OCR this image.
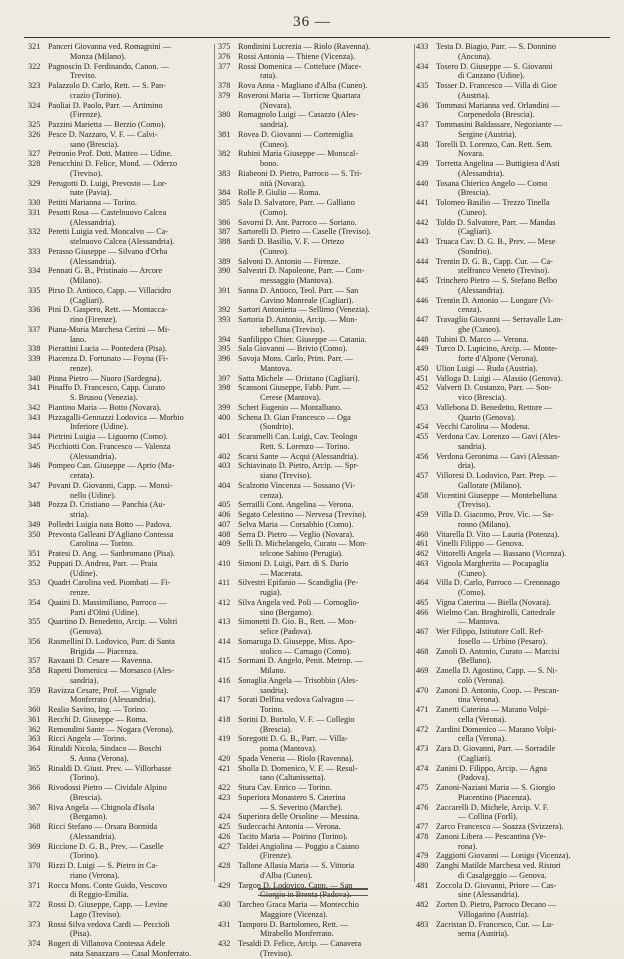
36 —
321 Panceri Giovanna ved. Romagnini —
Monza (Milano).
322 Pagnoscin D. Ferdinando, Canon. —
Treviso.
323 Palazzolo D. Carlo, Rett. — S. Pan-
crazio (Torino).
324 Paoliai D. Paolo, Parr. — Artimino
(Firenze).
325 Pazzini Marietta — Berzio (Como).
326 Pesce D. Nazzaro, V. F. — Calvi-
sano (Brescia).
327 Petronio Prof. Dott. Matteo — Udine.
328 Perucchini D. Felice, Mond. — Oderzo
(Treviso).
329 Perugotti D. Luigi, Prevosto — Lor-
nate (Pavia).
330 Petitti Marianna — Torino.
331 Pesotti Rosa — Castelnuovo Calcea
(Alessandria).
332 Peretti Luigia ved. Moncalvo — Ca-
stelnuovo Calcea (Alessandria).
333 Perasso Giuseppe — Silvano d'Orba
(Alessandria).
334 Pennati G. B., Pristinaio — Arcore
(Milano).
335 Pirso D. Antioco, Capp. — Villacidro
(Cagliari).
336 Pini D. Gaspero, Rett. — Montacca-
rino (Firenze).
337 Piana-Moria Marchesa Cerini — Mi-
lano.
338 Pierattini Lucia — Pontedera (Pisa).
339 Piacenza D. Fortunato — Foyna (Fi-
renze).
340 Pinna Pietro — Nuoro (Sardegna).
341 Pinaffo D. Francesco, Capp. Curato
S. Brusou (Venezia).
342 Piantino Maria — Botto (Novara).
343 Pizzagalli-Gennazzi Lodovica — Morbio
Inferiore (Udine).
344 Pietrini Luigia — Liguorno (Como).
345 Picchiotti Con. Francesco — Valenza
(Alessandria).
346 Pompeo Can. Giuseppe — Aprio (Ma-
cerata).
347 Povani D. Giovanni, Capp. — Monsi-
nello (Udine).
348 Pozza D. Cristiano — Panchia (Au-
stria).
349 Polledri Luigia nata Botto — Padova.
350 Prevosta Galleani D'Agliano Contessa
Carolina — Torino.
351 Pratesi D. Ang. — Sanbromano (Pisa).
352 Puppati D. Andrea, Parr. — Praia
(Udine).
353 Quadri Carolina ved. Piombati — Fi-
renze.
354 Quaini D. Massimiliano, Parroco —
Parti d'Olmi (Udine).
355 Quartino D. Benedetto, Arcip. — Voltri
(Genova).
356 Rasmellini D. Lodovico, Parr. di Santa
Brigida — Piacenza.
357 Ravaani D. Cesare — Ravenna.
358 Rapetti Domenica — Morsasco (Ales-
sandria).
359 Ravizza Cesare, Prof. — Vignale
Monferrato (Alessandria).
360 Realio Savino, Ing. — Torino.
361 Recchi D. Giuseppe — Roma.
362 Remondini Sante — Nogara (Verona).
363 Ricci Angela — Torino.
364 Rinaldi Nicola, Sindaco — Boschi
S. Anna (Verona).
365 Rinaldi D. Giust. Prev. — Villorbasse
(Torino).
366 Rivodossi Pietro — Cividale Alpino
(Brescia).
367 Riva Angela — Chignola d'Isola
(Bergamo).
368 Ricci Stefano — Orsara Bormida
(Alessandria).
369 Riccione D. G. B., Prev. — Caselle
(Torino).
370 Rizzi D. Luigi — S. Pietro in Ca-
riano (Verona).
371 Rocca Mons. Conte Guido, Vescovo
di Reggio-Emilia.
372 Rossi D. Giuseppe, Capp. — Levine
Lago (Treviso).
373 Rossi Silva vedova Cardi — Peccioli
(Pisa).
374 Rogeri di Villanova Contessa Adele
nata Sanazzaro — Casal Monferrato.
375 Rondinini Lucrezia — Riolo (Ravenna).
376 Rossi Antonia — Thiene (Vicenza).
377 Rossi Domenica — Cotteluce (Mace-
rata).
378 Rova Anna - Magliano d'Alba (Cuneo).
379 Roveroni Maria — Torricne Quartara
(Novara).
380 Romagnolo Luigi — Casazzo (Ales-
sandria).
381 Rovea D. Giovanni — Cortemiglia
(Cuneo).
382 Rubini Maria Giuseppe — Monscal-
bono.
383 Riabeoni D. Pietro, Parroco — S. Tri-
nità (Novara).
384 Rolle P. Giulio — Roma.
385 Sala D. Salvatore, Parr. — Galliano
(Como).
386 Savorni D. Ant. Parroco — Soriano.
387 Sartorelli D. Pietro — Caselle (Treviso).
388 Sardi D. Basilio, V. F. — Ortezo
(Cuneo).
389 Salvoni D. Antonio — Firenze.
390 Salvestri D. Napoleone, Parr. — Com-
messaggio (Mantova).
391 Sanna D. Antioco, Teol. Parr. — San
Gavino Monreale (Cagliari).
392 Sartori Antonietta — Sellimo (Venezia).
393 Sartoria D. Antonio, Arcip. — Mon-
tebelluna (Treviso).
394 Sanfilippo Chier. Giuseppe — Catania.
395 Sala Giovanni — Brivio (Como).
396 Savoja Mons. Carlo, Prim. Parr. —
Mantova.
397 Satta Michele — Oristano (Cagliari).
398 Scansoni Giuseppe, Fabb. Parr. —
Cerese (Mantova).
399 Scheri Eugenio — Montalbano.
400 Schena D. Gian Francesco — Oga
(Sondrio).
401 Scaramelli Can. Luigi, Cav. Teologo
Rett. S. Lorenzo — Torino.
402 Scarsi Sante — Acqui (Alessandria).
403 Schiavinato D. Pietro, Arcip. — Spr-
siano (Treviso).
404 Scalzotto Vincenza — Sossano (Vi-
cenza).
405 Serrailli Cont. Angelina — Verona.
406 Segato Celestino — Nervesa (Treviso).
407 Selva Maria — Corsabbio (Como).
408 Serra D. Pietro — Veglio (Novara).
409 Selli D. Michelangelo, Curato — Mon-
telcone Sabino (Perugia).
410 Simoni D. Luigi, Parr. di S. Dario
— Macerata.
411 Silvestri Epifanio — Scandiglia (Pe-
rugia).
412 Silva Angela ved. Poli — Cornoglio-
sino (Bergamo).
413 Simonetti D. Gio. B., Rett. — Mon-
selice (Padova).
414 Somaruga D. Giuseppe, Miss. Apo-
stolico — Carnago (Como).
415 Sormani D. Angelo, Penit. Metrop. —
Milano.
416 Sonaglia Angela — Trisobbio (Ales-
sandria).
417 Sorati Delfina vedova Galvagno —
Torino.
418 Sorini D. Bortolo, V. F. — Collegio
(Brescia).
419 Soregotti D. G. B., Parr. — Villa-
poma (Mantova).
420 Spada Veneria — Riolo (Ravenna).
421 Sbolla D. Domenico, V. F. — Resul-
tano (Caltanissetta).
422 Stura Cav. Enrico — Torino.
423 Superiora Monastero S. Caterina
— S. Severino (Marche).
424 Superiora delle Orsoline — Messina.
425 Sudeccachi Antonia — Verona.
426 Tacito Maria — Poirino (Torino).
427 Taldei Angiolina — Poggio a Caiano
(Firenze).
428 Tallone Allasia Maria — S. Vittoria
d'Alba (Cuneo).
429 Targon D. Lodovico, Capp. — San
Giorgio in Brenta (Padova).
430 Tarcheo Graca Maria — Montecchio
Maggiore (Vicenza).
431 Tamporo D. Bartolomeo, Rett. —
Mirabello Monferrato.
432 Tesaldi D. Felice, Arcip. — Canavera
(Treviso).
433 Testa D. Biagio, Parr. — S. Donnino
(Ancona).
434 Tosero D. Giuseppe — S. Giovanni
di Canzano (Udine).
435 Tosser D. Francesco — Villa di Gioe
(Austria).
436 Tommasi Marianna ved. Orlandini —
Corpenedolo (Brescia).
437 Tommasini Baldassare, Negoziante —
Sergine (Austria).
438 Torelli D. Lorenzo, Can. Rett. Sem.
Novara.
439 Torretta Angelina — Buttigiera d'Asti
(Alessandria).
440 Tosana Chierico Angelo — Como
(Brescia).
441 Tolomeo Basilio — Trezzo Tinella
(Cuneo).
442 Toldo D. Salvatore, Parr. — Mandas
(Cagliari).
443 Truaca Cav. D. G. B., Prev. — Mese
(Sondrio).
444 Trentin D. G. B., Capp. Cur. — Ca-
stelfranco Veneto (Treviso).
445 Trinchero Pietro — S. Stefano Belbo
(Alessandria).
446 Trentin D. Antonio — Longare (Vi-
cenza).
447 Travaglio Giovanni — Serravalle Lan-
ghe (Cuneo).
448 Tubini D. Marco — Verona.
449 Turco D. Lupicino, Arcip. — Monte-
forte d'Alpone (Verona).
450 Ulion Luigi — Ruda (Austria).
451 Valloga D. Luigi — Alassio (Genova).
452 Valverti D. Costanzo, Parr. — Son-
vico (Brescia).
453 Vallebona D. Benedetto, Rettore —
Quarto (Genova).
454 Vecchi Carolina — Modena.
455 Verdona Cav. Lorenzo — Gavi (Ales-
sandria).
456 Verdona Geronima — Gavi (Alessan-
dria).
457 Villoresi D. Lodovico, Parr. Prep. —
Gallorate (Milano).
458 Vicentini Giuseppe — Montebelluna
(Treviso).
459 Villa D. Giacomo, Prov. Vic. — Sa-
ronno (Milano).
460 Vitarella D. Vito — Lauria (Potenza).
461 Vinelli Filippo — Genova.
462 Vittorelli Angela — Bassano (Vicenza).
463 Vignola Margherita — Pocapaglia
(Cuneo).
464 Villa D. Carlo, Parroco — Creonnago
(Como).
465 Vigna Caterina — Biella (Novara).
466 Wielmo Can. Braghirolli, Cattedrale
— Mantova.
467 Wer Filippo, Istitutore Coll. Ref-
fosello — Urbino (Pesaro).
468 Zanoli D. Antonio, Curato — Marcisi
(Belluno).
469 Zanella D. Agostino, Capp. — S. Ni-
colò (Verona).
470 Zanoni D. Antonio, Coop. — Pescan-
tina Verona).
471 Zanetti Caterina — Marano Volpi-
cella (Verona).
472 Zardini Domenico — Marano Volpi-
cella (Verona).
473 Zara D. Giovanni, Parr. — Sorradile
(Cagliari).
474 Zanini D. Filippo, Arcip. — Agna
(Padova).
475 Zanoni-Naziani Maria — S. Giorgio
Piacentino (Piacenza).
476 Zaccarelli D. Michele, Arcip. V. F.
— Collina (Forlì).
477 Zarco Francesco — Soazza (Svizzera).
478 Zanoni Libera — Pescantina (Ve-
rona).
479 Zaggiotti Giovanni — Lonigo (Vicenza).
480 Zanghi Matilde Marchesa ved. Ristori
di Casalgeggio — Genova.
481 Zoccola D. Giovanni, Priore — Cas-
sine (Alessandria).
482 Zorten D. Pietro, Parroco Decano —
Villogarino (Austria).
483 Zacristan D. Francesco, Cur. — Lu-
serna (Austria).
